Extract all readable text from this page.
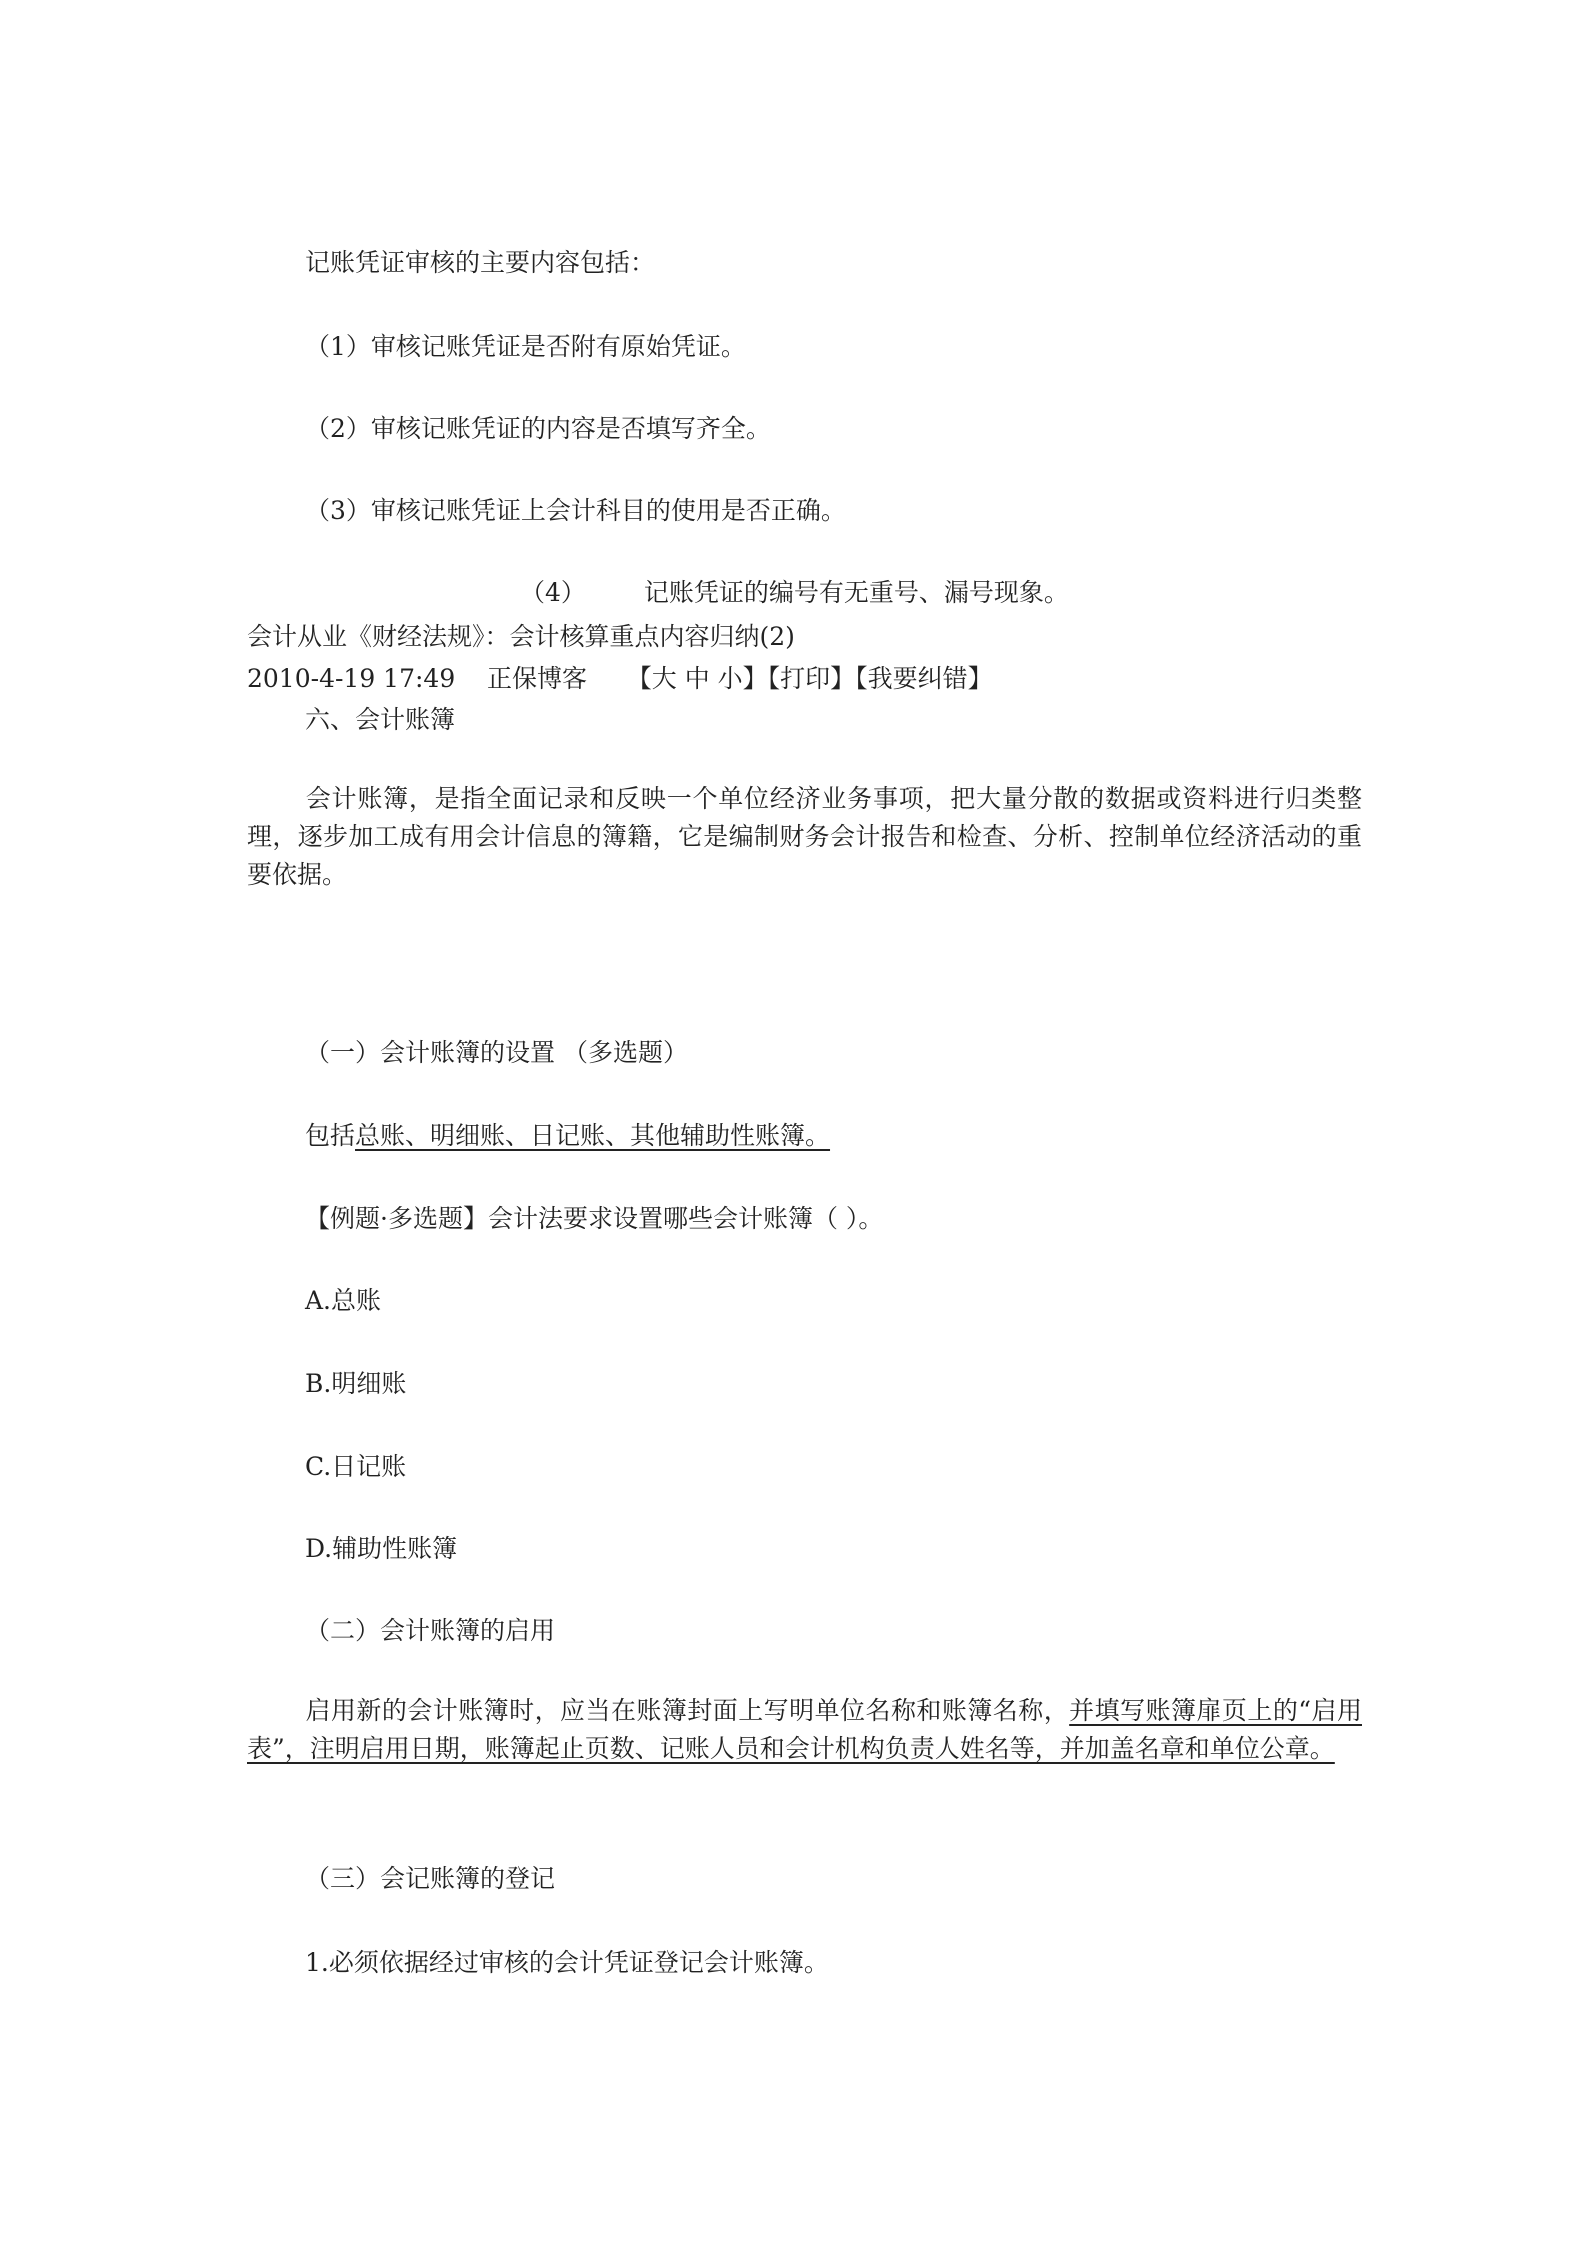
记账凭证审核的主要内容包括：
（1）审核记账凭证是否附有原始凭证。
（2）审核记账凭证的内容是否填写齐全。
（3）审核记账凭证上会计科目的使用是否正确。
（4） 记账凭证的编号有无重号、漏号现象。
会计从业《财经法规》：会计核算重点内容归纳(2)
2010-4-19 17:49 正保博客 【大 中 小】【打印】【我要纠错】
六、会计账簿
会计账簿，是指全面记录和反映一个单位经济业务事项，把大量分散的数据或资料进行归类整理，逐步加工成有用会计信息的簿籍，它是编制财务会计报告和检查、分析、控制单位经济活动的重要依据。
（一）会计账簿的设置 （多选题）
包括总账、明细账、日记账、其他辅助性账簿。
【例题·多选题】会计法要求设置哪些会计账簿（ ）。
A.总账
B.明细账
C.日记账
D.辅助性账簿
（二）会计账簿的启用
启用新的会计账簿时，应当在账簿封面上写明单位名称和账簿名称，并填写账簿扉页上的“启用表”，注明启用日期，账簿起止页数、记账人员和会计机构负责人姓名等，并加盖名章和单位公章。
（三）会记账簿的登记
1.必须依据经过审核的会计凭证登记会计账簿。
